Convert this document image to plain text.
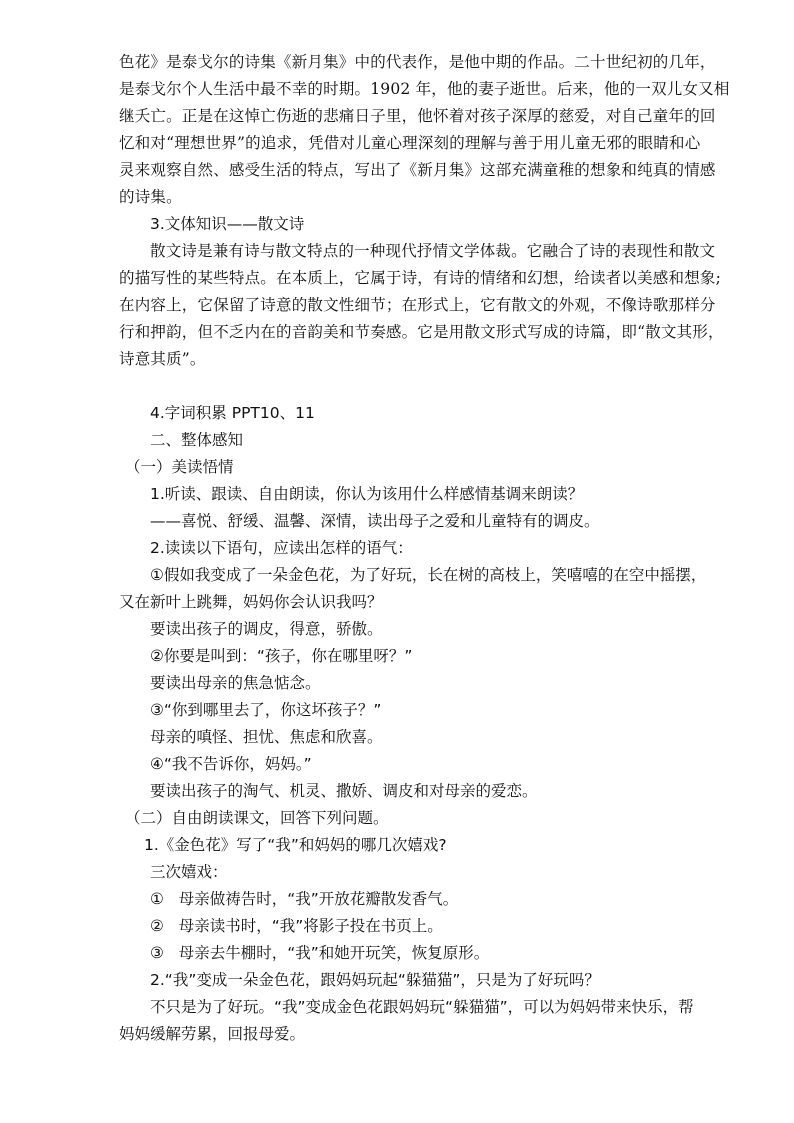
色花》是泰戈尔的诗集《新月集》中的代表作，是他中期的作品。二十世纪初的几年，
是泰戈尔个人生活中最不幸的时期。1902 年，他的妻子逝世。后来，他的一双儿女又相
继夭亡。正是在这悼亡伤逝的悲痛日子里，他怀着对孩子深厚的慈爱，对自己童年的回
忆和对“理想世界”的追求，凭借对儿童心理深刻的理解与善于用儿童无邪的眼睛和心
灵来观察自然、感受生活的特点，写出了《新月集》这部充满童稚的想象和纯真的情感
的诗集。
3.文体知识——散文诗
散文诗是兼有诗与散文特点的一种现代抒情文学体裁。它融合了诗的表现性和散文
的描写性的某些特点。在本质上，它属于诗，有诗的情绪和幻想，给读者以美感和想象;
在内容上，它保留了诗意的散文性细节；在形式上，它有散文的外观，不像诗歌那样分
行和押韵，但不乏内在的音韵美和节奏感。它是用散文形式写成的诗篇，即“散文其形，
诗意其质”。
4.字词积累 PPT10、11
二、整体感知
（一）美读悟情
1.听读、跟读、自由朗读，你认为该用什么样感情基调来朗读？
——喜悦、舒缓、温馨、深情，读出母子之爱和儿童特有的调皮。
2.读读以下语句，应读出怎样的语气：
①假如我变成了一朵金色花，为了好玩，长在树的高枝上，笑嘻嘻的在空中摇摆，
又在新叶上跳舞，妈妈你会认识我吗？
要读出孩子的调皮，得意，骄傲。
②你要是叫到：“孩子，你在哪里呀？”
要读出母亲的焦急惦念。
③“你到哪里去了，你这坏孩子？”
母亲的嗔怪、担忧、焦虑和欣喜。
④“我不告诉你，妈妈。”
要读出孩子的淘气、机灵、撒娇、调皮和对母亲的爱恋。
（二）自由朗读课文，回答下列问题。
1.《金色花》写了“我”和妈妈的哪几次嬉戏?
三次嬉戏：
① 母亲做祷告时，“我”开放花瓣散发香气。
② 母亲读书时，“我”将影子投在书页上。
③ 母亲去牛棚时，“我”和她开玩笑，恢复原形。
2.“我”变成一朵金色花，跟妈妈玩起“躲猫猫”，只是为了好玩吗？
不只是为了好玩。“我”变成金色花跟妈妈玩“躲猫猫”，可以为妈妈带来快乐，帮
妈妈缓解劳累，回报母爱。
